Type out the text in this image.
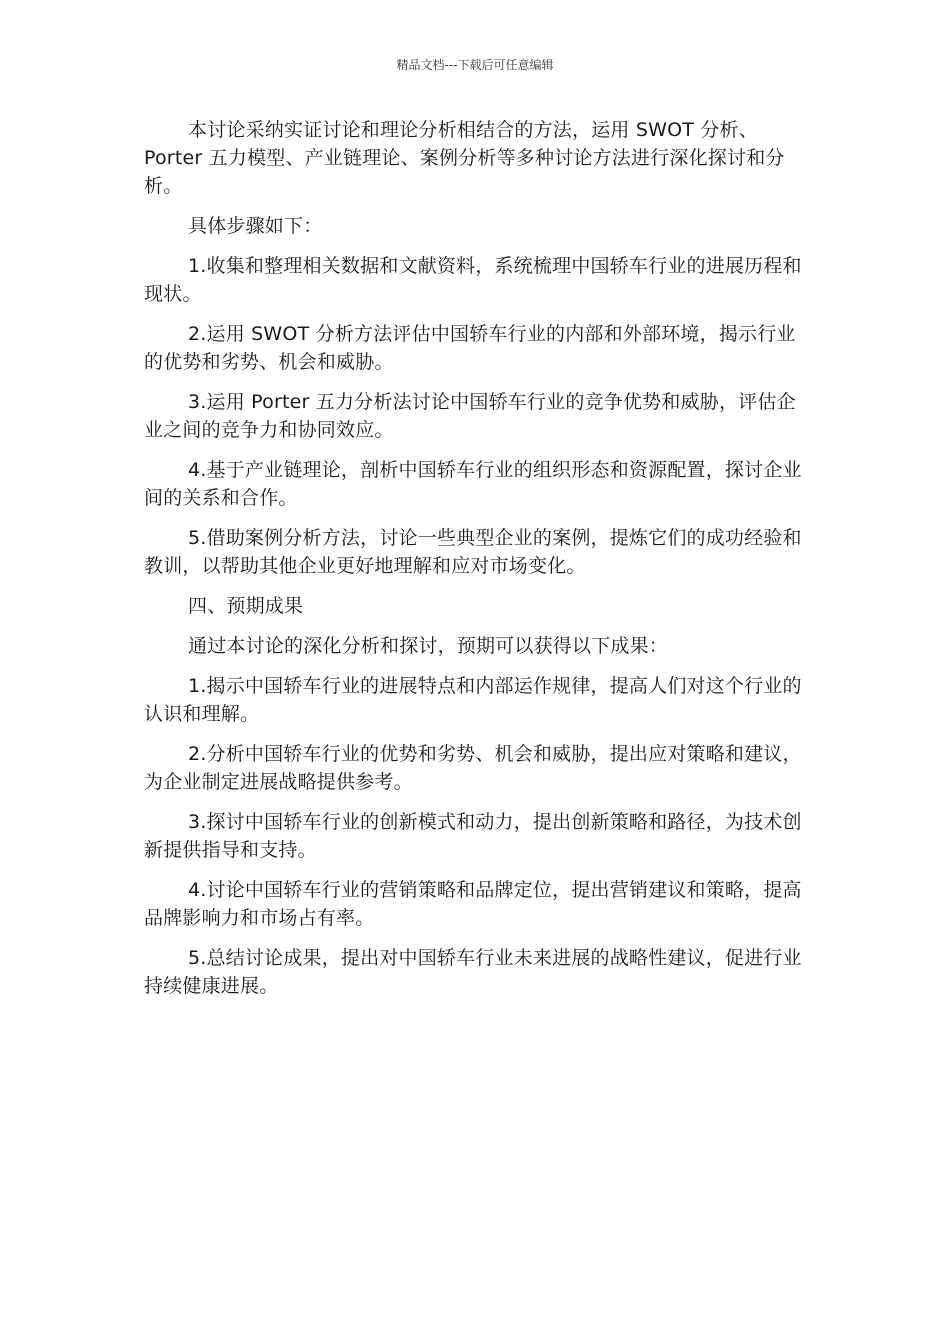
精品文档---下载后可任意编辑

本讨论采纳实证讨论和理论分析相结合的方法，运用 SWOT 分析、Porter 五力模型、产业链理论、案例分析等多种讨论方法进行深化探讨和分析。

具体步骤如下：

1.收集和整理相关数据和文献资料，系统梳理中国轿车行业的进展历程和现状。

2.运用 SWOT 分析方法评估中国轿车行业的内部和外部环境，揭示行业的优势和劣势、机会和威胁。

3.运用 Porter 五力分析法讨论中国轿车行业的竞争优势和威胁，评估企业之间的竞争力和协同效应。

4.基于产业链理论，剖析中国轿车行业的组织形态和资源配置，探讨企业间的关系和合作。

5.借助案例分析方法，讨论一些典型企业的案例，提炼它们的成功经验和教训，以帮助其他企业更好地理解和应对市场变化。

四、预期成果

通过本讨论的深化分析和探讨，预期可以获得以下成果：

1.揭示中国轿车行业的进展特点和内部运作规律，提高人们对这个行业的认识和理解。

2.分析中国轿车行业的优势和劣势、机会和威胁，提出应对策略和建议，为企业制定进展战略提供参考。

3.探讨中国轿车行业的创新模式和动力，提出创新策略和路径，为技术创新提供指导和支持。

4.讨论中国轿车行业的营销策略和品牌定位，提出营销建议和策略，提高品牌影响力和市场占有率。

5.总结讨论成果，提出对中国轿车行业未来进展的战略性建议，促进行业持续健康进展。
